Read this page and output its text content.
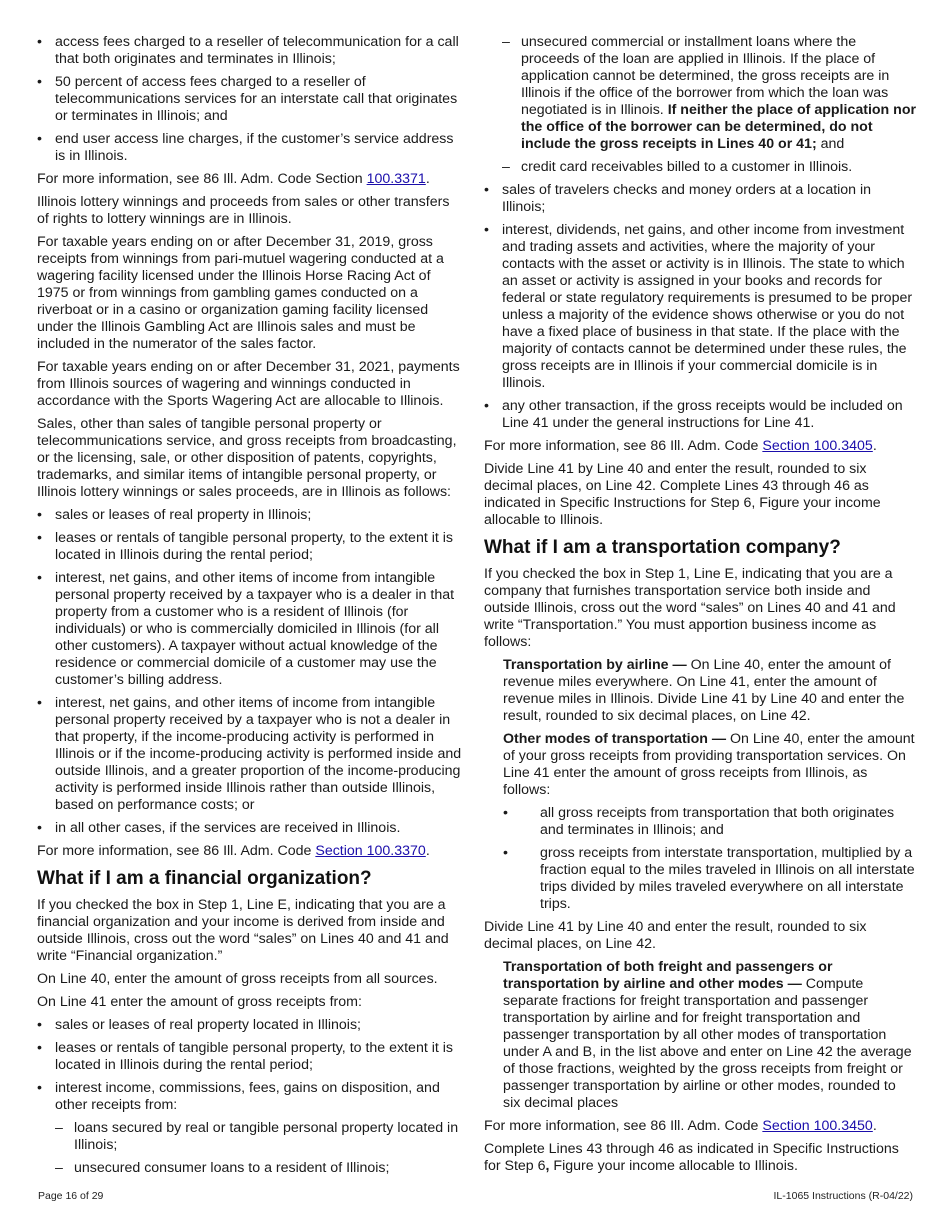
• access fees charged to a reseller of telecommunication for a call that both originates and terminates in Illinois;
• 50 percent of access fees charged to a reseller of telecommunications services for an interstate call that originates or terminates in Illinois; and
• end user access line charges, if the customer’s service address is in Illinois.

For more information, see 86 Ill. Adm. Code Section 100.3371.

Illinois lottery winnings and proceeds from sales or other transfers of rights to lottery winnings are in Illinois.

For taxable years ending on or after December 31, 2019, gross receipts from winnings from pari-mutuel wagering conducted at a wagering facility licensed under the Illinois Horse Racing Act of 1975 or from winnings from gambling games conducted on a riverboat or in a casino or organization gaming facility licensed under the Illinois Gambling Act are Illinois sales and must be included in the numerator of the sales factor.

For taxable years ending on or after December 31, 2021, payments from Illinois sources of wagering and winnings conducted in accordance with the Sports Wagering Act are allocable to Illinois.

Sales, other than sales of tangible personal property or telecommunications service, and gross receipts from broadcasting, or the licensing, sale, or other disposition of patents, copyrights, trademarks, and similar items of intangible personal property, or Illinois lottery winnings or sales proceeds, are in Illinois as follows:

• sales or leases of real property in Illinois;
• leases or rentals of tangible personal property, to the extent it is located in Illinois during the rental period;
• interest, net gains, and other items of income from intangible personal property received by a taxpayer who is a dealer in that property from a customer who is a resident of Illinois (for individuals) or who is commercially domiciled in Illinois (for all other customers). A taxpayer without actual knowledge of the residence or commercial domicile of a customer may use the customer’s billing address.
• interest, net gains, and other items of income from intangible personal property received by a taxpayer who is not a dealer in that property, if the income-producing activity is performed in Illinois or if the income-producing activity is performed inside and outside Illinois, and a greater proportion of the income-producing activity is performed inside Illinois rather than outside Illinois, based on performance costs; or
• in all other cases, if the services are received in Illinois.

For more information, see 86 Ill. Adm. Code Section 100.3370.

What if I am a financial organization?

If you checked the box in Step 1, Line E, indicating that you are a financial organization and your income is derived from inside and outside Illinois, cross out the word “sales” on Lines 40 and 41 and write “Financial organization.”

On Line 40, enter the amount of gross receipts from all sources.

On Line 41 enter the amount of gross receipts from:

• sales or leases of real property located in Illinois;
• leases or rentals of tangible personal property, to the extent it is located in Illinois during the rental period;
• interest income, commissions, fees, gains on disposition, and other receipts from:
– loans secured by real or tangible personal property located in Illinois;
– unsecured consumer loans to a resident of Illinois;
– unsecured commercial or installment loans where the proceeds of the loan are applied in Illinois. If the place of application cannot be determined, the gross receipts are in Illinois if the office of the borrower from which the loan was negotiated is in Illinois. If neither the place of application nor the office of the borrower can be determined, do not include the gross receipts in Lines 40 or 41; and
– credit card receivables billed to a customer in Illinois.
• sales of travelers checks and money orders at a location in Illinois;
• interest, dividends, net gains, and other income from investment and trading assets and activities, where the majority of your contacts with the asset or activity is in Illinois. The state to which an asset or activity is assigned in your books and records for federal or state regulatory requirements is presumed to be proper unless a majority of the evidence shows otherwise or you do not have a fixed place of business in that state. If the place with the majority of contacts cannot be determined under these rules, the gross receipts are in Illinois if your commercial domicile is in Illinois.
• any other transaction, if the gross receipts would be included on Line 41 under the general instructions for Line 41.

For more information, see 86 Ill. Adm. Code Section 100.3405.

Divide Line 41 by Line 40 and enter the result, rounded to six decimal places, on Line 42. Complete Lines 43 through 46 as indicated in Specific Instructions for Step 6, Figure your income allocable to Illinois.

What if I am a transportation company?

If you checked the box in Step 1, Line E, indicating that you are a company that furnishes transportation service both inside and outside Illinois, cross out the word “sales” on Lines 40 and 41 and write “Transportation.” You must apportion business income as follows:

Transportation by airline — On Line 40, enter the amount of revenue miles everywhere. On Line 41, enter the amount of revenue miles in Illinois. Divide Line 41 by Line 40 and enter the result, rounded to six decimal places, on Line 42.

Other modes of transportation — On Line 40, enter the amount of your gross receipts from providing transportation services. On Line 41 enter the amount of gross receipts from Illinois, as follows:

• all gross receipts from transportation that both originates and terminates in Illinois; and
• gross receipts from interstate transportation, multiplied by a fraction equal to the miles traveled in Illinois on all interstate trips divided by miles traveled everywhere on all interstate trips.

Divide Line 41 by Line 40 and enter the result, rounded to six decimal places, on Line 42.

Transportation of both freight and passengers or transportation by airline and other modes — Compute separate fractions for freight transportation and passenger transportation by airline and for freight transportation and passenger transportation by all other modes of transportation under A and B, in the list above and enter on Line 42 the average of those fractions, weighted by the gross receipts from freight or passenger transportation by airline or other modes, rounded to six decimal places

For more information, see 86 Ill. Adm. Code Section 100.3450.

Complete Lines 43 through 46 as indicated in Specific Instructions for Step 6, Figure your income allocable to Illinois.

Page 16 of 29	IL-1065 Instructions (R-04/22)
